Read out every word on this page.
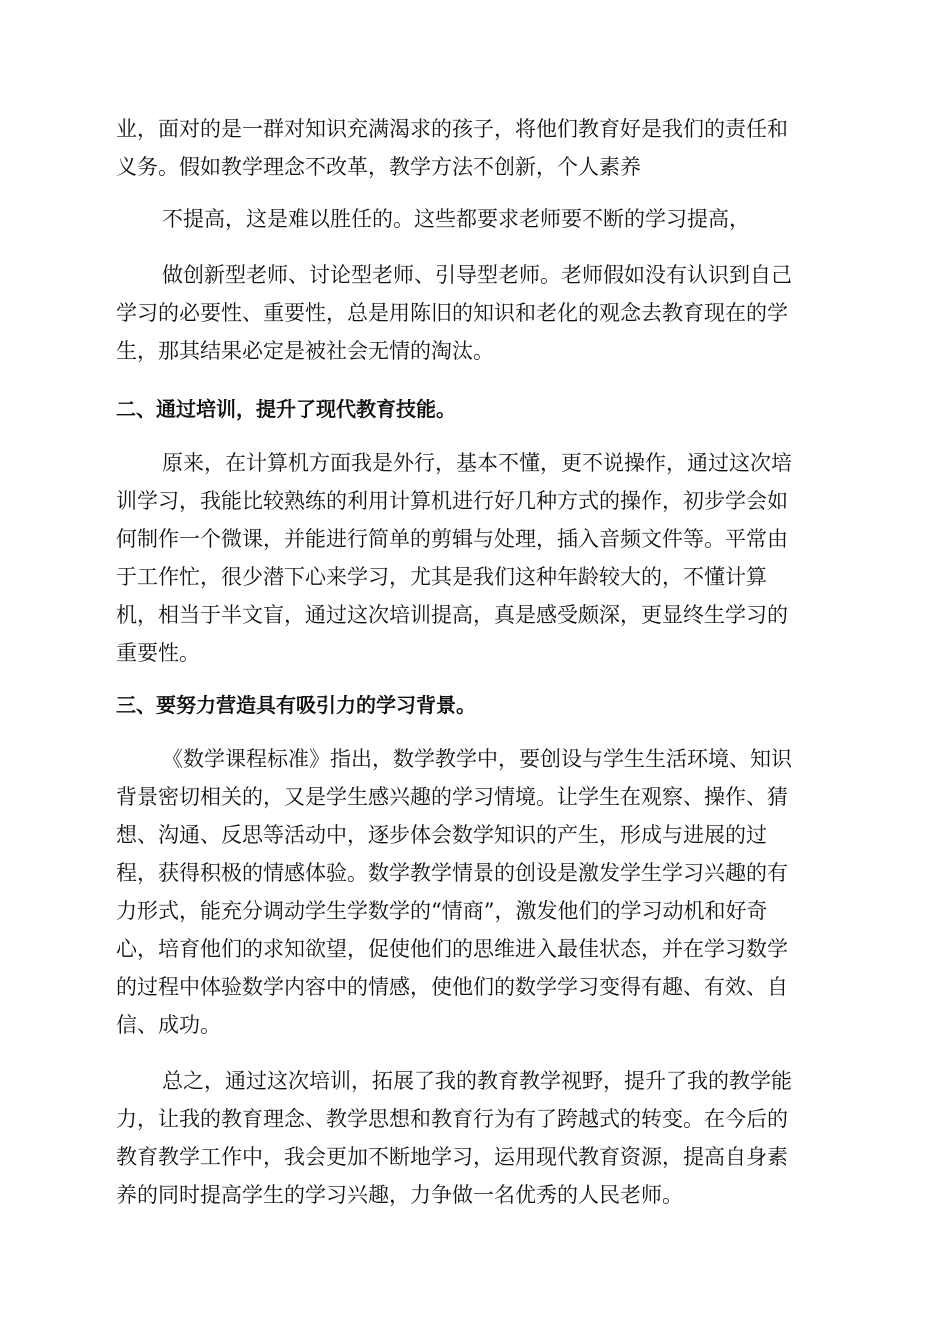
业，面对的是一群对知识充满渴求的孩子，将他们教育好是我们的责任和
义务。假如教学理念不改革，教学方法不创新，个人素养

不提高，这是难以胜任的。这些都要求老师要不断的学习提高，

做创新型老师、讨论型老师、引导型老师。老师假如没有认识到自己
学习的必要性、重要性，总是用陈旧的知识和老化的观念去教育现在的学
生，那其结果必定是被社会无情的淘汰。

二、通过培训，提升了现代教育技能。

原来，在计算机方面我是外行，基本不懂，更不说操作，通过这次培
训学习，我能比较熟练的利用计算机进行好几种方式的操作，初步学会如
何制作一个微课，并能进行简单的剪辑与处理，插入音频文件等。平常由
于工作忙，很少潜下心来学习，尤其是我们这种年龄较大的，不懂计算
机，相当于半文盲，通过这次培训提高，真是感受颇深，更显终生学习的
重要性。

三、要努力营造具有吸引力的学习背景。

《数学课程标准》指出，数学教学中，要创设与学生生活环境、知识
背景密切相关的，又是学生感兴趣的学习情境。让学生在观察、操作、猜
想、沟通、反思等活动中，逐步体会数学知识的产生，形成与进展的过
程，获得积极的情感体验。数学教学情景的创设是激发学生学习兴趣的有
力形式，能充分调动学生学数学的“情商”，激发他们的学习动机和好奇
心，培育他们的求知欲望，促使他们的思维进入最佳状态，并在学习数学
的过程中体验数学内容中的情感，使他们的数学学习变得有趣、有效、自
信、成功。

总之，通过这次培训，拓展了我的教育教学视野，提升了我的教学能
力，让我的教育理念、教学思想和教育行为有了跨越式的转变。在今后的
教育教学工作中，我会更加不断地学习，运用现代教育资源，提高自身素
养的同时提高学生的学习兴趣，力争做一名优秀的人民老师。
